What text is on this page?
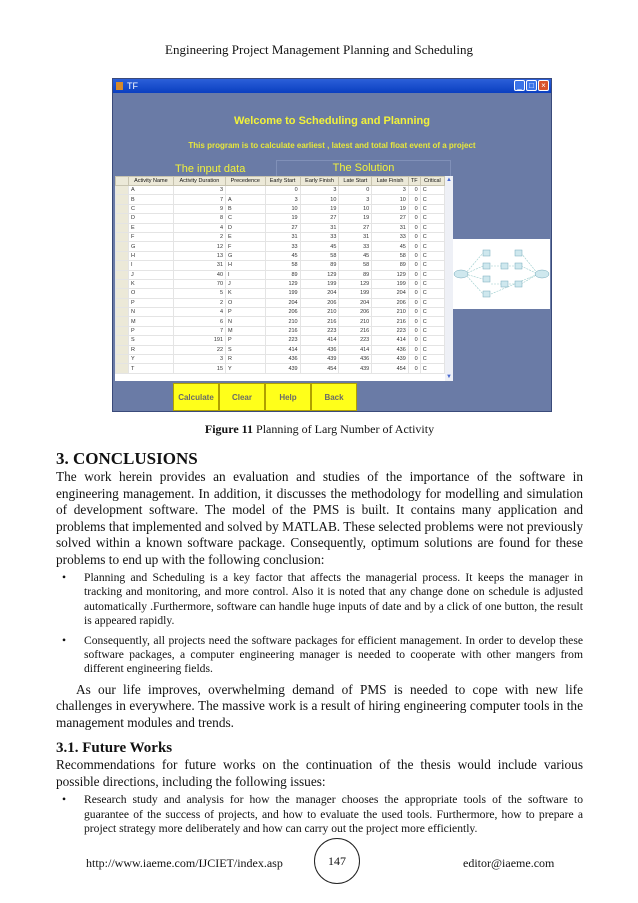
Engineering Project Management Planning and Scheduling
TF	_ □ ×
Welcome to Scheduling and Planning
This program is to calculate earliest , latest and total float event of a project
The input data	The Solution
	Activity Name	Activity Duration	Precedence	Early Start	Early Finish	Late Start	Late Finish	TF	Critical
	A	3		0	3	0	3	0	C
	B	7	A	3	10	3	10	0	C
	C	9	B	10	19	10	19	0	C
	D	8	C	19	27	19	27	0	C
	E	4	D	27	31	27	31	0	C
	F	2	E	31	33	31	33	0	C
	G	12	F	33	45	33	45	0	C
	H	13	G	45	58	45	58	0	C
	I	31	H	58	89	58	89	0	C
	J	40	I	89	129	89	129	0	C
	K	70	J	129	199	129	199	0	C
	O	5	K	199	204	199	204	0	C
	P	2	O	204	206	204	206	0	C
	N	4	P	206	210	206	210	0	C
	M	6	N	210	216	210	216	0	C
	P	7	M	216	223	216	223	0	C
	S	191	P	223	414	223	414	0	C
	R	22	S	414	436	414	436	0	C
	Y	3	R	436	439	436	439	0	C
	T	15	Y	439	454	439	454	0	C
▲
▼
Calculate	Clear	Help	Back
Figure 11 Planning of Larg Number of Activity
3. CONCLUSIONS
The work herein provides an evaluation and studies of the importance of the software in engineering management. In addition, it discusses the methodology for modelling and simulation of development software. The model of the PMS is built. It contains many application and problems that implemented and solved by MATLAB. These selected problems were not previously solved within a known software package. Consequently, optimum solutions are found for these problems to end up with the following conclusion:
• Planning and Scheduling is a key factor that affects the managerial process. It keeps the manager in tracking and monitoring, and more control. Also it is noted that any change done on schedule is adjusted automatically .Furthermore, software can handle huge inputs of date and by a click of one button, the result is appeared rapidly.
• Consequently, all projects need the software packages for efficient management. In order to develop these software packages, a computer engineering manager is needed to cooperate with other mangers from different engineering fields.
As our life improves, overwhelming demand of PMS is needed to cope with new life challenges in everywhere. The massive work is a result of hiring engineering computer tools in the management modules and trends.
3.1. Future Works
Recommendations for future works on the continuation of the thesis would include various possible directions, including the following issues:
• Research study and analysis for how the manager chooses the appropriate tools of the software to guarantee of the success of projects, and how to evaluate the used tools. Furthermore, how to prepare a project strategy more deliberately and how can carry out the project more efficiently.
http://www.iaeme.com/IJCIET/index.asp	147	editor@iaeme.com
